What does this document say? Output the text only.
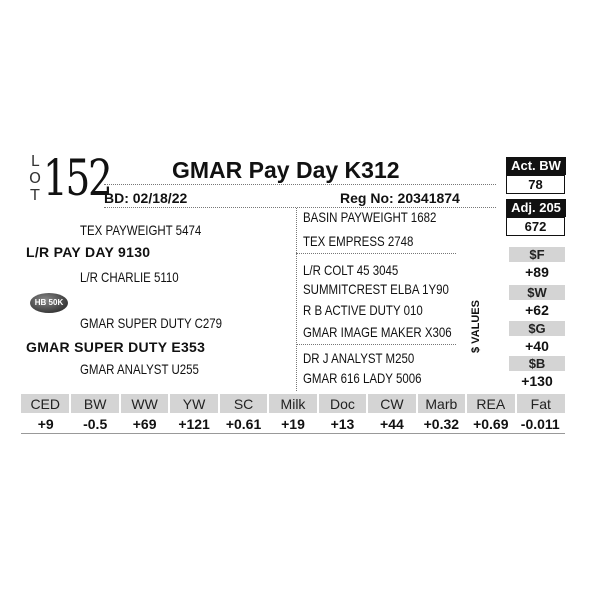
L
O
T 152	GMAR Pay Day K312
BD: 02/18/22	Reg No: 20341874
TEX PAYWEIGHT 5474
L/R PAY DAY 9130
L/R CHARLIE 5110
HB 50K
GMAR SUPER DUTY C279
GMAR SUPER DUTY E353
GMAR ANALYST U255
BASIN PAYWEIGHT 1682
TEX EMPRESS 2748
L/R COLT 45 3045
SUMMITCREST ELBA 1Y90
R B ACTIVE DUTY 010
GMAR IMAGE MAKER X306
DR J ANALYST M250
GMAR 616 LADY 5006
Act. BW
78
Adj. 205
672
$ VALUES
$F
+89
$W
+62
$G
+40
$B
+130
CED	BW	WW	YW	SC	Milk	Doc	CW	Marb	REA	Fat
+9	-0.5	+69	+121	+0.61	+19	+13	+44	+0.32	+0.69	-0.011
